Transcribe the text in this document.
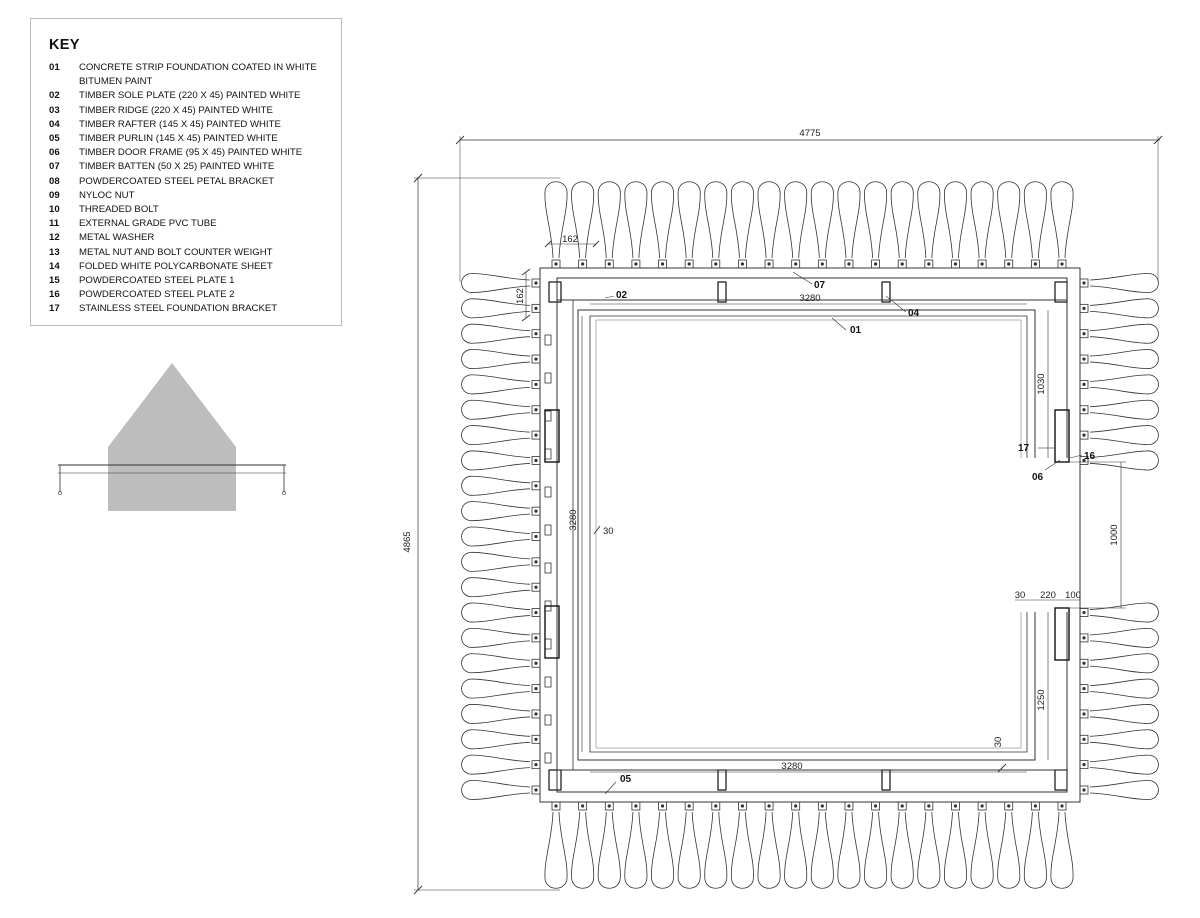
KEY
01 CONCRETE STRIP FOUNDATION COATED IN WHITE BITUMEN PAINT
02 TIMBER SOLE PLATE (220 X 45) PAINTED WHITE
03 TIMBER RIDGE (220 X 45) PAINTED WHITE
04 TIMBER RAFTER (145 X 45) PAINTED WHITE
05 TIMBER PURLIN (145 X 45) PAINTED WHITE
06 TIMBER DOOR FRAME (95 X 45) PAINTED WHITE
07 TIMBER BATTEN (50 X 25) PAINTED WHITE
08 POWDERCOATED STEEL PETAL BRACKET
09 NYLOC NUT
10 THREADED BOLT
11 EXTERNAL GRADE PVC TUBE
12 METAL WASHER
13 METAL NUT AND BOLT COUNTER WEIGHT
14 FOLDED WHITE POLYCARBONATE SHEET
15 POWDERCOATED STEEL PLATE 1
16 POWDERCOATED STEEL PLATE 2
17 STAINLESS STEEL FOUNDATION BRACKET
4775
4865
162
162	3280
3280
3280
30
30
1030
1250
1000
30 220 100
02
07
04
01
17
06
16
05
